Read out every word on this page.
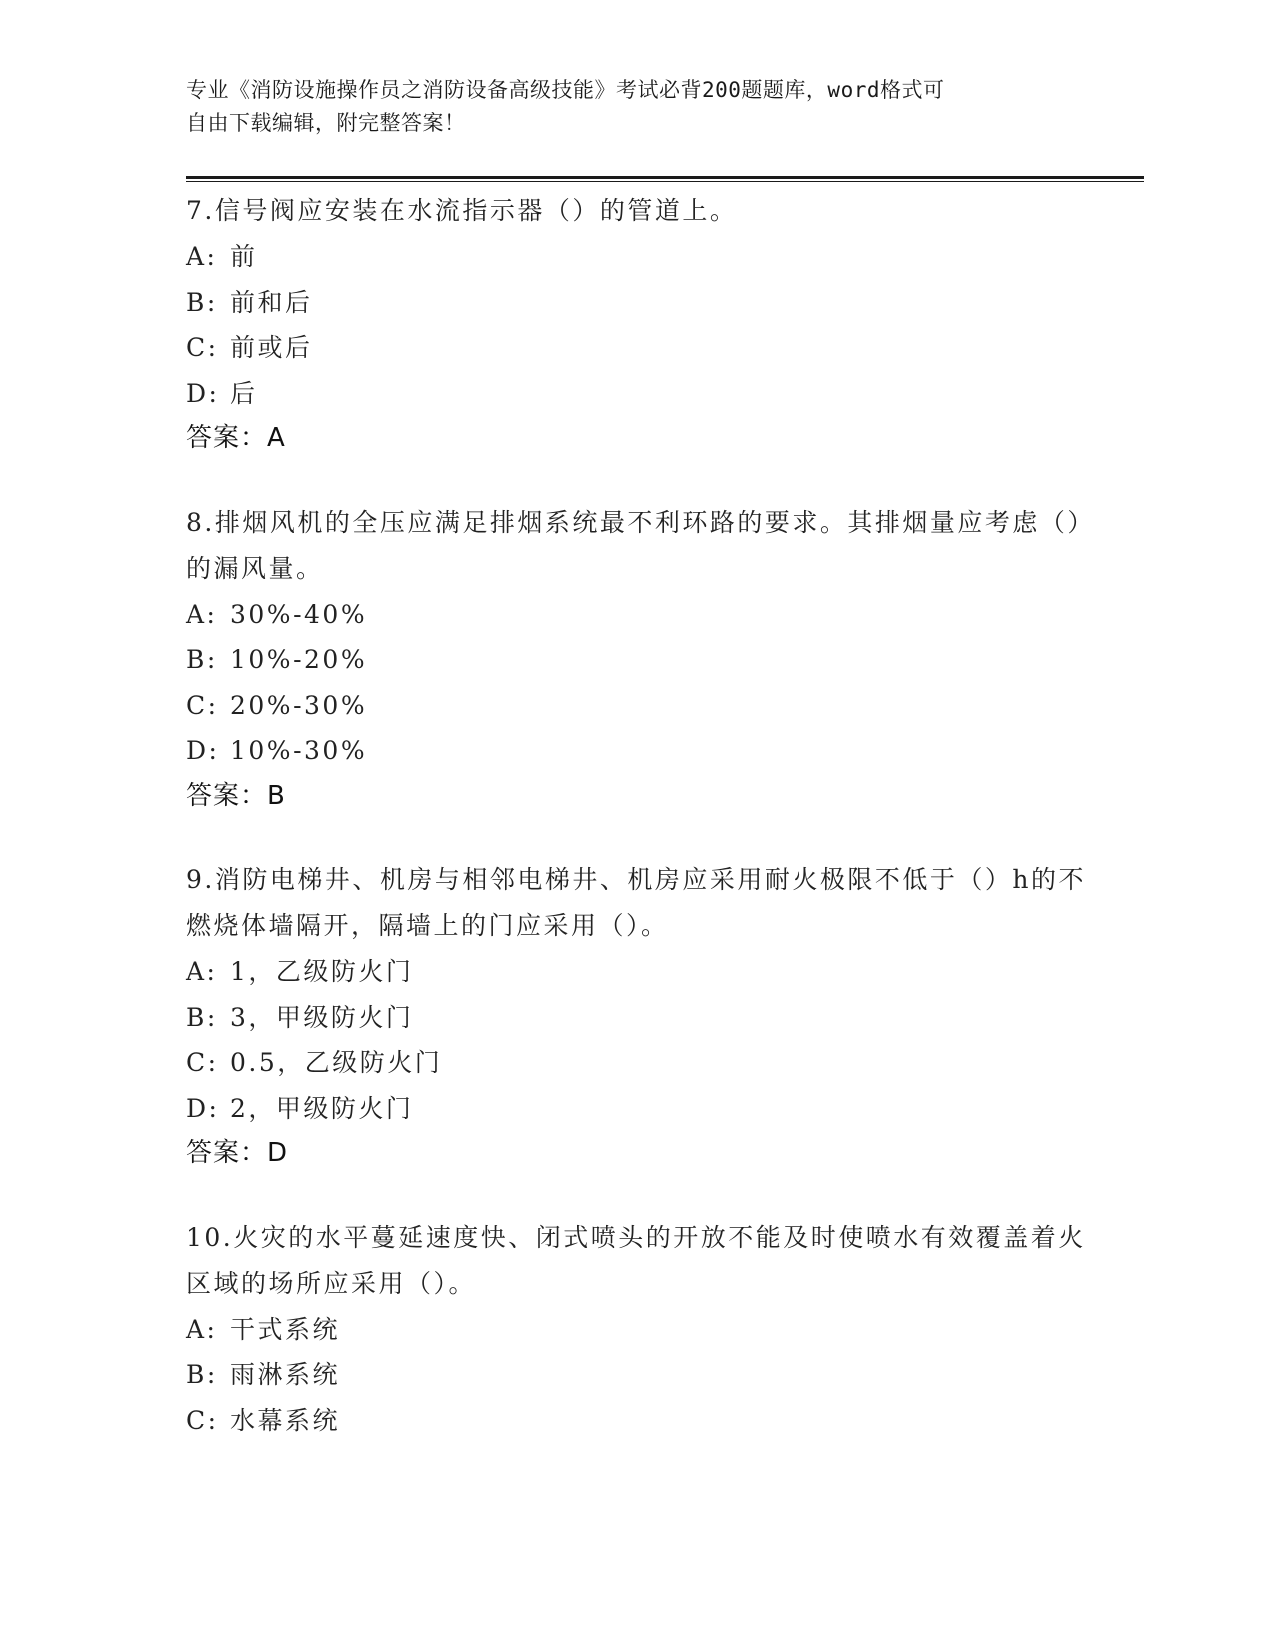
专业《消防设施操作员之消防设备高级技能》考试必背200题题库，word格式可
自由下载编辑，附完整答案！
7.信号阀应安装在水流指示器（）的管道上。
A: 前
B: 前和后
C: 前或后
D: 后
答案：A
8.排烟风机的全压应满足排烟系统最不利环路的要求。其排烟量应考虑（）的漏风量。
A: 30%-40%
B: 10%-20%
C: 20%-30%
D: 10%-30%
答案：B
9.消防电梯井、机房与相邻电梯井、机房应采用耐火极限不低于（）h的不燃烧体墙隔开，隔墙上的门应采用（）。
A: 1，乙级防火门
B: 3，甲级防火门
C: 0.5，乙级防火门
D: 2，甲级防火门
答案：D
10.火灾的水平蔓延速度快、闭式喷头的开放不能及时使喷水有效覆盖着火区域的场所应采用（）。
A: 干式系统
B: 雨淋系统
C: 水幕系统
